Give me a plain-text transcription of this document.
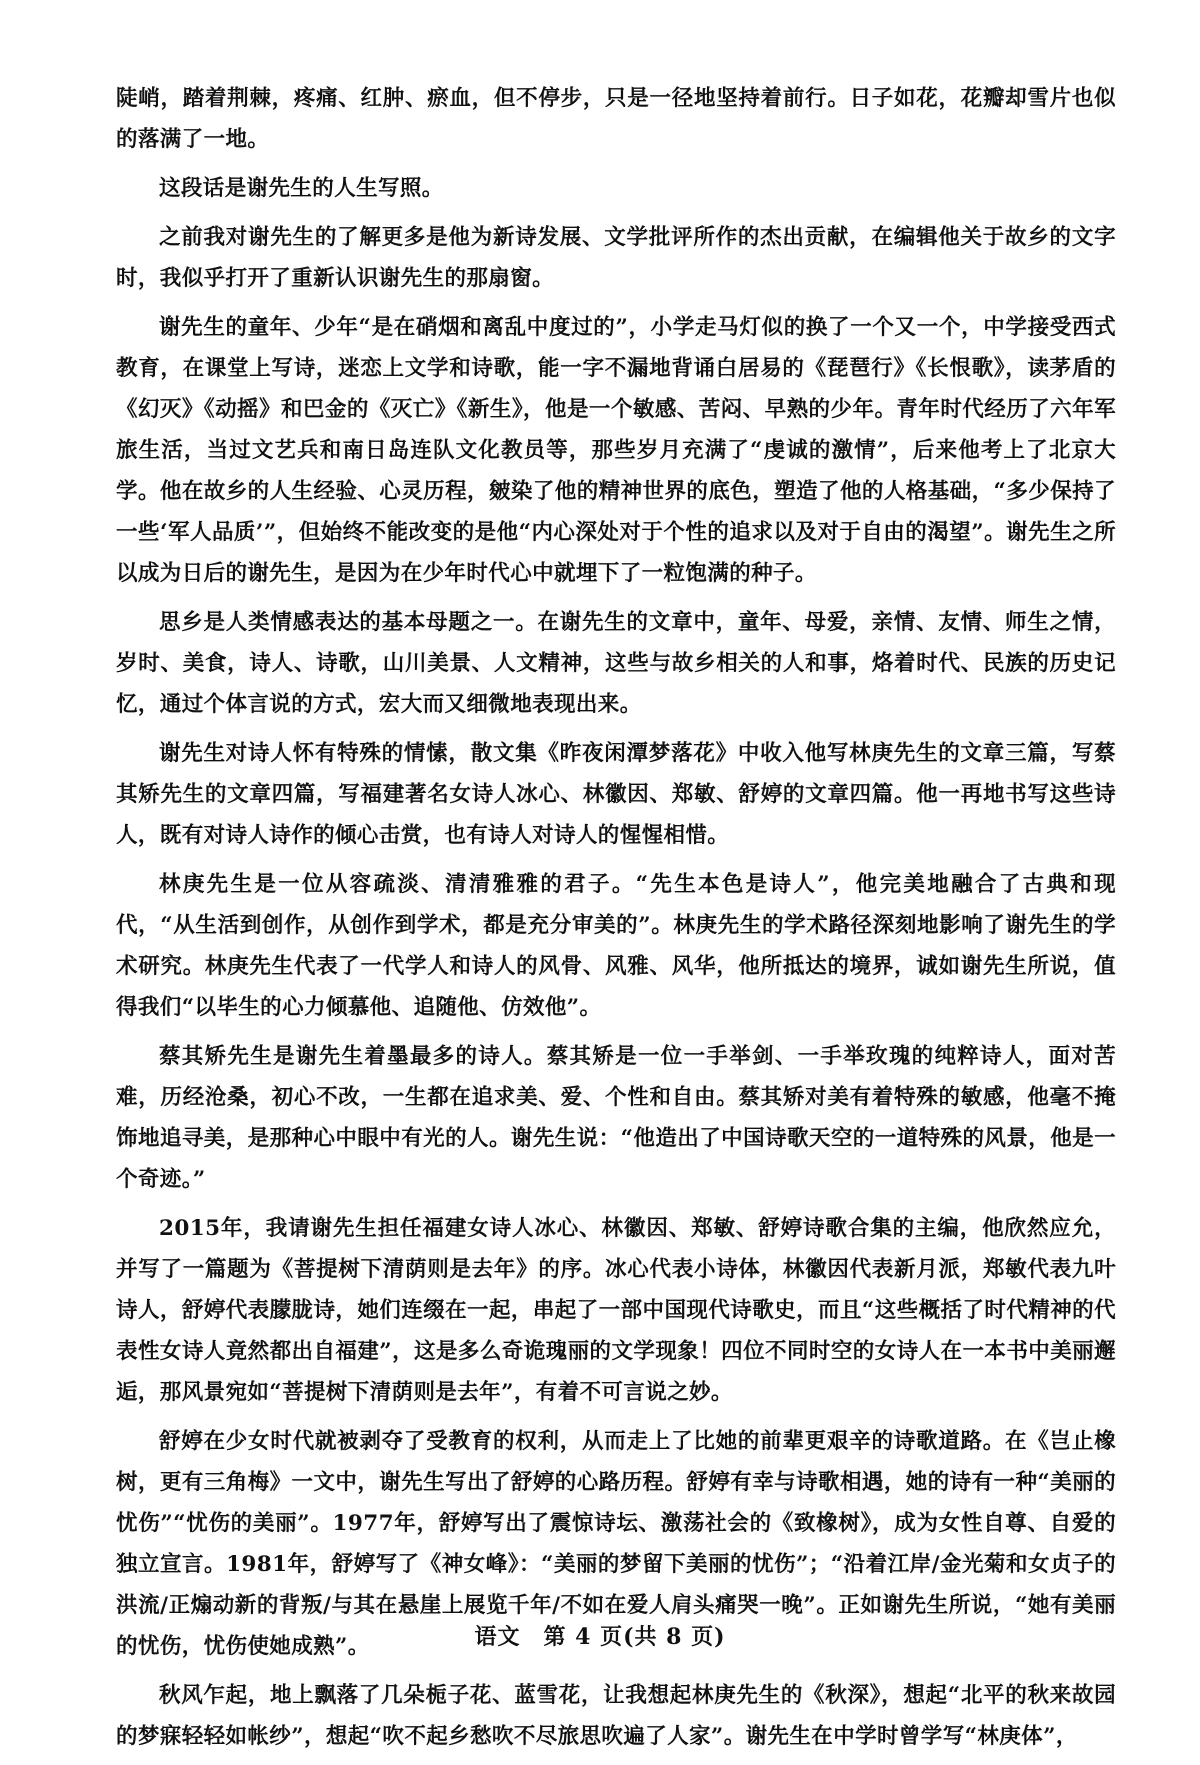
陡峭，踏着荆棘，疼痛、红肿、瘀血，但不停步，只是一径地坚持着前行。日子如花，花瓣却雪片也似的落满了一地。

这段话是谢先生的人生写照。

之前我对谢先生的了解更多是他为新诗发展、文学批评所作的杰出贡献，在编辑他关于故乡的文字时，我似乎打开了重新认识谢先生的那扇窗。

谢先生的童年、少年“是在硝烟和离乱中度过的”，小学走马灯似的换了一个又一个，中学接受西式教育，在课堂上写诗，迷恋上文学和诗歌，能一字不漏地背诵白居易的《琵琶行》《长恨歌》，读茅盾的《幻灭》《动摇》和巴金的《灭亡》《新生》，他是一个敏感、苦闷、早熟的少年。青年时代经历了六年军旅生活，当过文艺兵和南日岛连队文化教员等，那些岁月充满了“虔诚的激情”，后来他考上了北京大学。他在故乡的人生经验、心灵历程，皴染了他的精神世界的底色，塑造了他的人格基础，“多少保持了一些‘军人品质’”，但始终不能改变的是他“内心深处对于个性的追求以及对于自由的渴望”。谢先生之所以成为日后的谢先生，是因为在少年时代心中就埋下了一粒饱满的种子。

思乡是人类情感表达的基本母题之一。在谢先生的文章中，童年、母爱，亲情、友情、师生之情，岁时、美食，诗人、诗歌，山川美景、人文精神，这些与故乡相关的人和事，烙着时代、民族的历史记忆，通过个体言说的方式，宏大而又细微地表现出来。

谢先生对诗人怀有特殊的情愫，散文集《昨夜闲潭梦落花》中收入他写林庚先生的文章三篇，写蔡其矫先生的文章四篇，写福建著名女诗人冰心、林徽因、郑敏、舒婷的文章四篇。他一再地书写这些诗人，既有对诗人诗作的倾心击赏，也有诗人对诗人的惺惺相惜。

林庚先生是一位从容疏淡、清清雅雅的君子。“先生本色是诗人”，他完美地融合了古典和现代，“从生活到创作，从创作到学术，都是充分审美的”。林庚先生的学术路径深刻地影响了谢先生的学术研究。林庚先生代表了一代学人和诗人的风骨、风雅、风华，他所抵达的境界，诚如谢先生所说，值得我们“以毕生的心力倾慕他、追随他、仿效他”。

蔡其矫先生是谢先生着墨最多的诗人。蔡其矫是一位一手举剑、一手举玫瑰的纯粹诗人，面对苦难，历经沧桑，初心不改，一生都在追求美、爱、个性和自由。蔡其矫对美有着特殊的敏感，他毫不掩饰地追寻美，是那种心中眼中有光的人。谢先生说：“他造出了中国诗歌天空的一道特殊的风景，他是一个奇迹。”

2015年，我请谢先生担任福建女诗人冰心、林徽因、郑敏、舒婷诗歌合集的主编，他欣然应允，并写了一篇题为《菩提树下清荫则是去年》的序。冰心代表小诗体，林徽因代表新月派，郑敏代表九叶诗人，舒婷代表朦胧诗，她们连缀在一起，串起了一部中国现代诗歌史，而且“这些概括了时代精神的代表性女诗人竟然都出自福建”，这是多么奇诡瑰丽的文学现象！四位不同时空的女诗人在一本书中美丽邂逅，那风景宛如“菩提树下清荫则是去年”，有着不可言说之妙。

舒婷在少女时代就被剥夺了受教育的权利，从而走上了比她的前辈更艰辛的诗歌道路。在《岂止橡树，更有三角梅》一文中，谢先生写出了舒婷的心路历程。舒婷有幸与诗歌相遇，她的诗有一种“美丽的忧伤”“忧伤的美丽”。1977年，舒婷写出了震惊诗坛、激荡社会的《致橡树》，成为女性自尊、自爱的独立宣言。1981年，舒婷写了《神女峰》：“美丽的梦留下美丽的忧伤”；“沿着江岸/金光菊和女贞子的洪流/正煽动新的背叛/与其在悬崖上展览千年/不如在爱人肩头痛哭一晚”。正如谢先生所说，“她有美丽的忧伤，忧伤使她成熟”。

秋风乍起，地上飘落了几朵栀子花、蓝雪花，让我想起林庚先生的《秋深》，想起“北平的秋来故园的梦寐轻轻如帐纱”，想起“吹不起乡愁吹不尽旅思吹遍了人家”。谢先生在中学时曾学写“林庚体”，

语文　第 4 页(共 8 页)
